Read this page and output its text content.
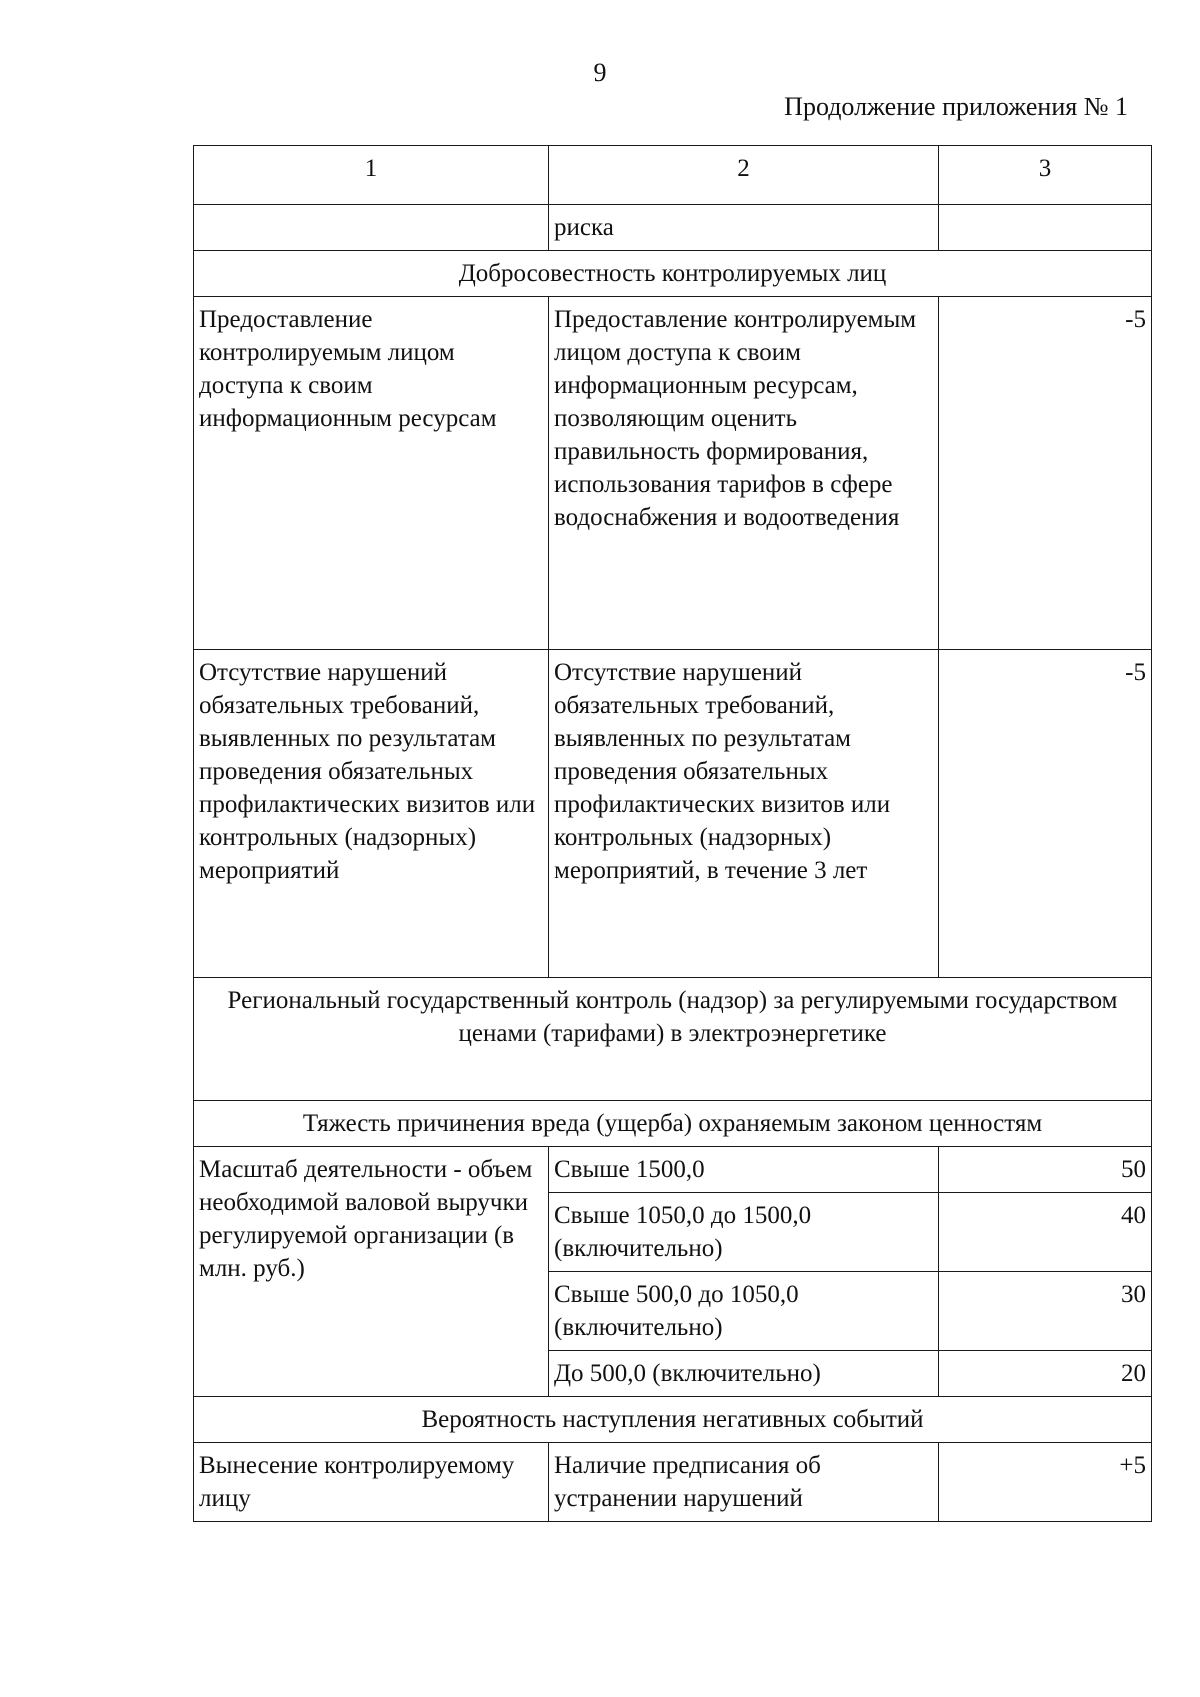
9
Продолжение приложения № 1
1	2	3
	риска	
Добросовестность контролируемых лиц		
Предоставление контролируемым лицом доступа к своим информационным ресурсам	Предоставление контролируемым лицом доступа к своим информационным ресурсам, позволяющим оценить правильность формирования, использования тарифов в сфере водоснабжения и водоотведения	-5
Отсутствие нарушений обязательных требований, выявленных по результатам проведения обязательных профилактических визитов или контрольных (надзорных) мероприятий	Отсутствие нарушений обязательных требований, выявленных по результатам проведения обязательных профилактических визитов или контрольных (надзорных) мероприятий, в течение 3 лет	-5
Региональный государственный контроль (надзор) за регулируемыми государством ценами (тарифами) в электроэнергетике		
Тяжесть причинения вреда (ущерба) охраняемым законом ценностям		
Масштаб деятельности - объем необходимой валовой выручки регулируемой организации (в млн. руб.)	Свыше 1500,0	50
	Свыше 1050,0 до 1500,0 (включительно)	40
	Свыше 500,0 до 1050,0 (включительно)	30
	До 500,0 (включительно)	20
Вероятность наступления негативных событий		
Вынесение контролируемому лицу	Наличие предписания об устранении нарушений	+5
